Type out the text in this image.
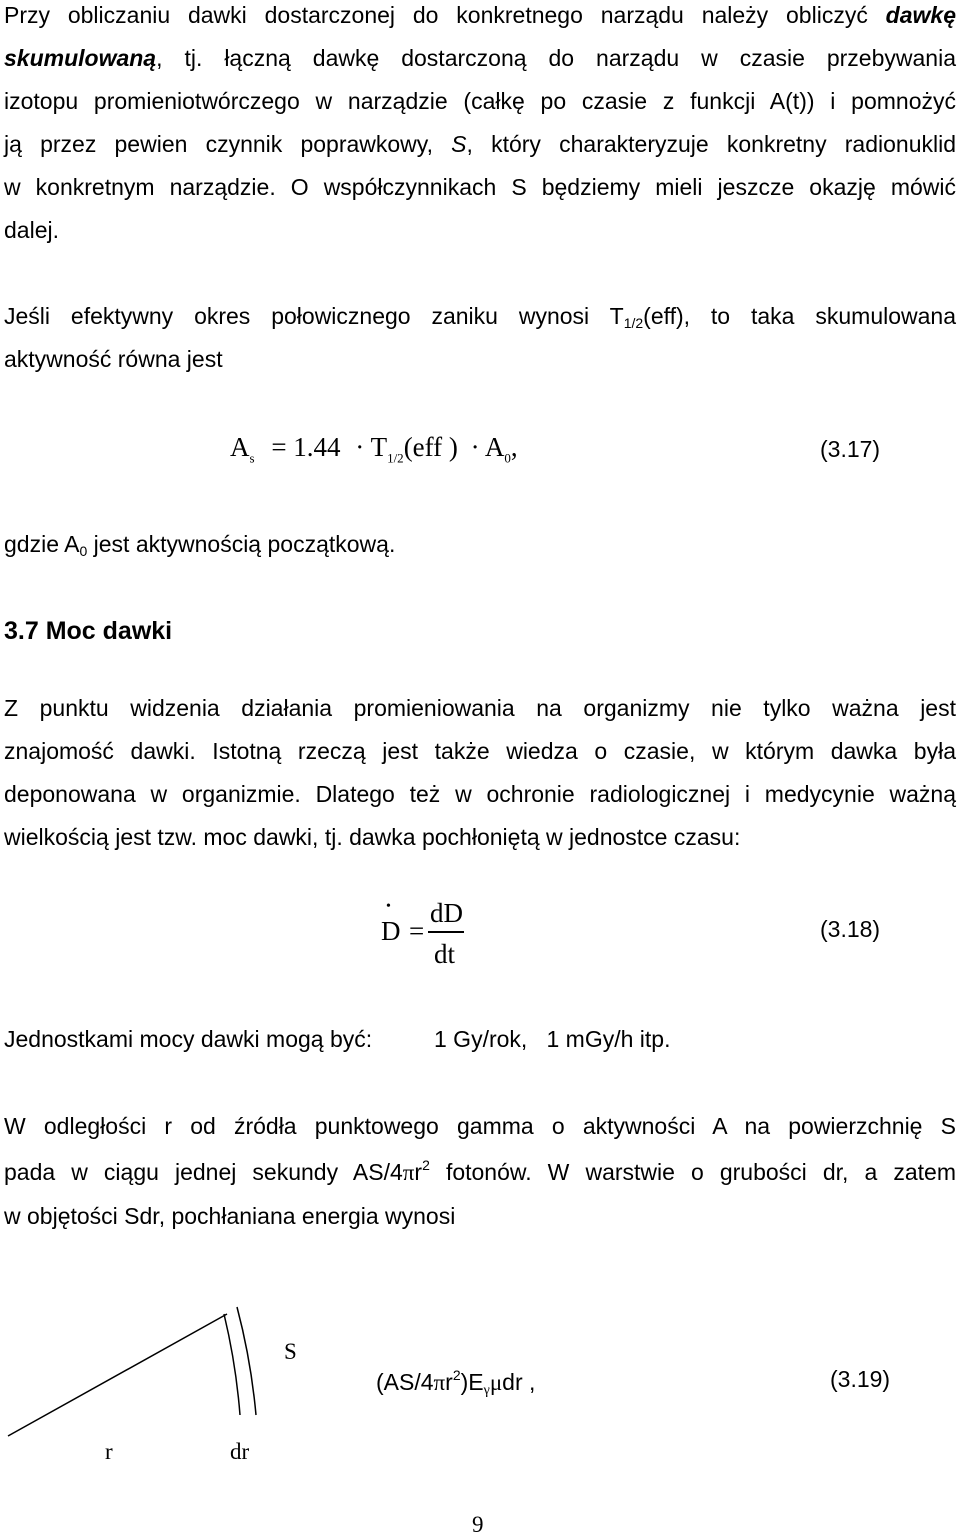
Przy obliczaniu dawki dostarczonej do konkretnego narządu należy obliczyć dawkę
skumulowaną, tj. łączną dawkę dostarczoną do narządu w czasie przebywania
izotopu promieniotwórczego w narządzie (całkę po czasie z funkcji A(t)) i pomnożyć
ją przez pewien czynnik poprawkowy, S, który charakteryzuje konkretny radionuklid
w konkretnym narządzie. O współczynnikach S będziemy mieli jeszcze okazję mówić
dalej.
Jeśli efektywny okres połowicznego zaniku wynosi $T_{1/2}(eff)$, to taka skumulowana
aktywność równa jest
$A_s = 1.44 \cdot T_{1/2}(eff$ ) · $A_0$,	(3.17)
gdzie $A_0$ jest aktywnością początkową.
3.7 Moc dawki
Z punktu widzenia działania promieniowania na organizmy nie tylko ważna jest
znajomość dawki. Istotną rzeczą jest także wiedza o czasie, w którym dawka była
deponowana w organizmie. Dlatego też w ochronie radiologicznej i medycynie ważną
wielkością jest tzw. moc dawki, tj. dawka pochłoniętą w jednostce czasu:
•
D =
dD
dt
(3.18)
Jednostkami mocy dawki mogą być:	1 Gy/rok,   1 mGy/h itp.
W odległości r od źródła punktowego gamma o aktywności A na powierzchnię S
pada w ciągu jednej sekundy $AS/4\pi r^2$ fotonów. W warstwie o grubości dr, a zatem
w objętości Sdr, pochłaniana energia wynosi
S
r	dr
$(AS/4\pi r^2)E_\gamma\mu dr$ ,	(3.19)
9
